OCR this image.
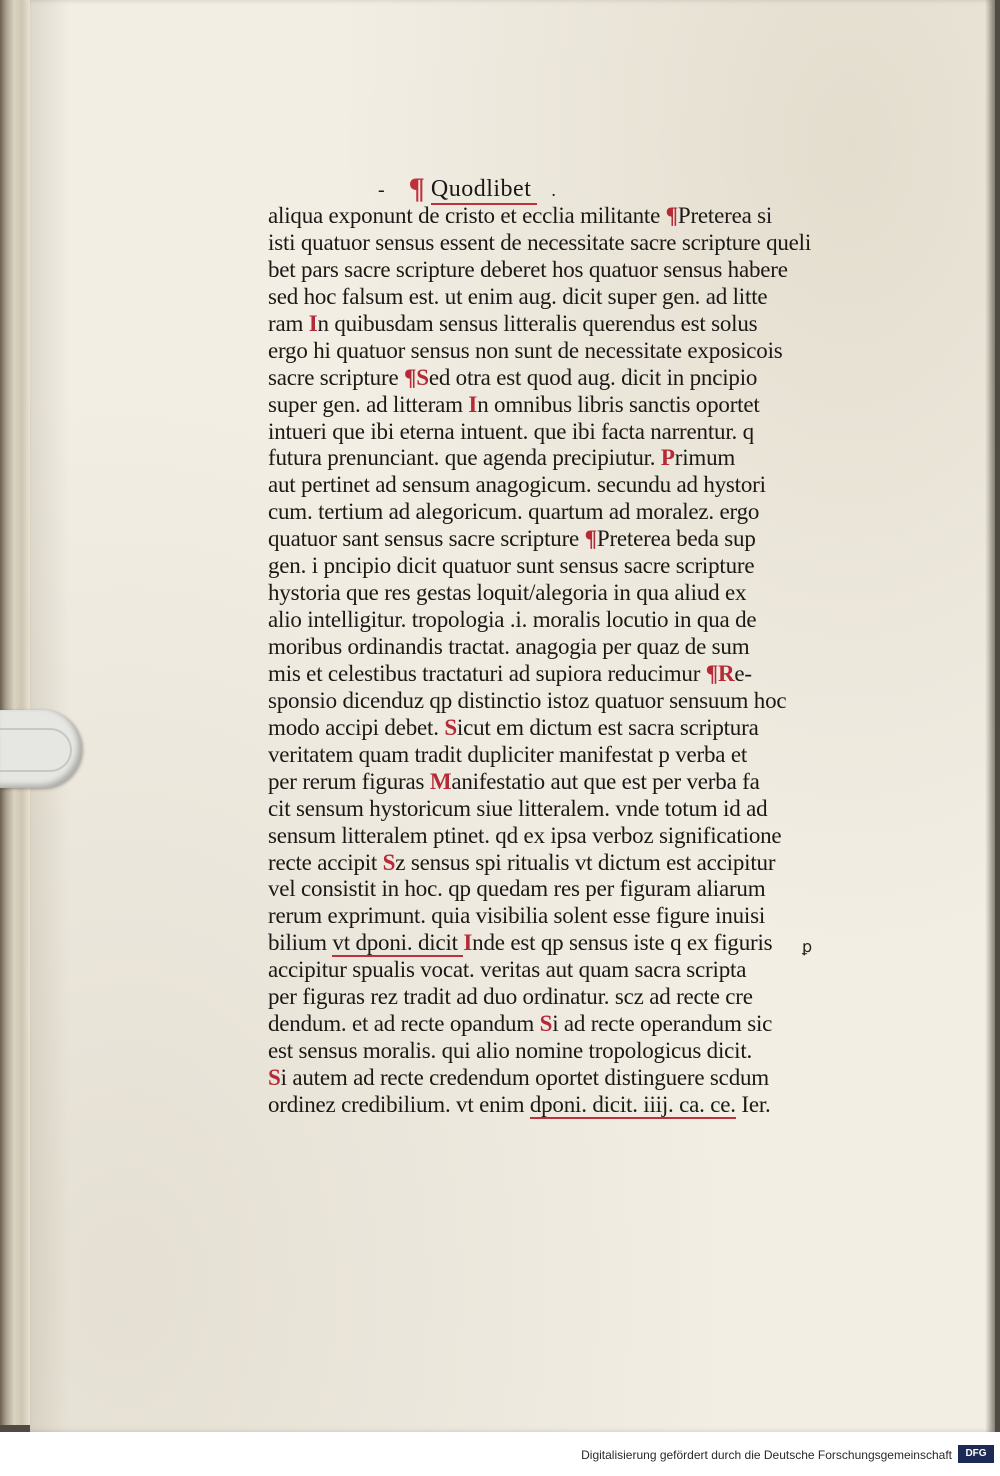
- ¶ Quodlibet .
aliqua exponunt de cristo et ecclia militante ¶Preterea si
isti quatuor sensus essent de necessitate sacre scripture queli
bet pars sacre scripture deberet hos quatuor sensus habere
sed hoc falsum est. ut enim aug. dicit super gen. ad litte
ram In quibusdam sensus litteralis querendus est solus
ergo hi quatuor sensus non sunt de necessitate exposicois
sacre scripture ¶Sed otra est quod aug. dicit in pncipio
super gen. ad litteram In omnibus libris sanctis oportet
intueri que ibi eterna intuent. que ibi facta narrentur. q
futura prenunciant. que agenda precipiutur. Primum
aut pertinet ad sensum anagogicum. secundu ad hystori
cum. tertium ad alegoricum. quartum ad moralez. ergo
quatuor sant sensus sacre scripture ¶Preterea beda sup
gen. i pncipio dicit quatuor sunt sensus sacre scripture
hystoria que res gestas loquit/alegoria in qua aliud ex
alio intelligitur. tropologia .i. moralis locutio in qua de
moribus ordinandis tractat. anagogia per quaz de sum
mis et celestibus tractaturi ad supiora reducimur ¶Re-
sponsio dicenduz qp distinctio istoz quatuor sensuum hoc
modo accipi debet. Sicut em dictum est sacra scriptura
veritatem quam tradit dupliciter manifestat p verba et
per rerum figuras Manifestatio aut que est per verba fa
cit sensum hystoricum siue litteralem. vnde totum id ad
sensum litteralem ptinet. qd ex ipsa verboz significatione
recte accipit Sz sensus spi ritualis vt dictum est accipitur
vel consistit in hoc. qp quedam res per figuram aliarum
rerum exprimunt. quia visibilia solent esse figure inuisi
bilium vt dponi. dicit Inde est qp sensus iste q ex figuris
accipitur spualis vocat. veritas aut quam sacra scripta
per figuras rez tradit ad duo ordinatur. scz ad recte cre
dendum. et ad recte opandum Si ad recte operandum sic
est sensus moralis. qui alio nomine tropologicus dicit.
Si autem ad recte credendum oportet distinguere scdum
ordinez credibilium. vt enim dponi. dicit. iiij. ca. ce. Ier.
ꝑ
Digitalisierung gefördert durch die Deutsche Forschungsgemeinschaft	DFG
